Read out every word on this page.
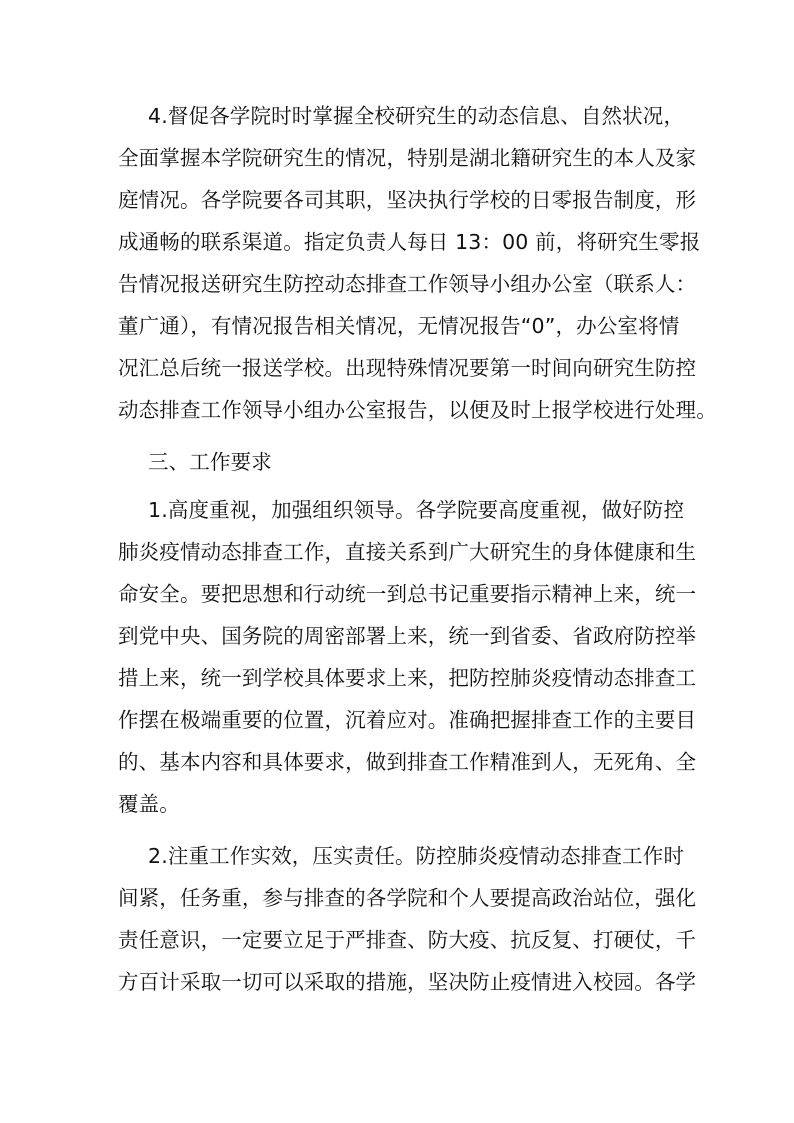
4.督促各学院时时掌握全校研究生的动态信息、自然状况，
全面掌握本学院研究生的情况，特别是湖北籍研究生的本人及家
庭情况。各学院要各司其职，坚决执行学校的日零报告制度，形
成通畅的联系渠道。指定负责人每日 13：00 前，将研究生零报
告情况报送研究生防控动态排查工作领导小组办公室（联系人：
董广通），有情况报告相关情况，无情况报告“0”，办公室将情
况汇总后统一报送学校。出现特殊情况要第一时间向研究生防控
动态排查工作领导小组办公室报告，以便及时上报学校进行处理。
三、工作要求
1.高度重视，加强组织领导。各学院要高度重视，做好防控
肺炎疫情动态排查工作，直接关系到广大研究生的身体健康和生
命安全。要把思想和行动统一到总书记重要指示精神上来，统一
到党中央、国务院的周密部署上来，统一到省委、省政府防控举
措上来，统一到学校具体要求上来，把防控肺炎疫情动态排查工
作摆在极端重要的位置，沉着应对。准确把握排查工作的主要目
的、基本内容和具体要求，做到排查工作精准到人，无死角、全
覆盖。
2.注重工作实效，压实责任。防控肺炎疫情动态排查工作时
间紧，任务重，参与排查的各学院和个人要提高政治站位，强化
责任意识，一定要立足于严排查、防大疫、抗反复、打硬仗，千
方百计采取一切可以采取的措施，坚决防止疫情进入校园。各学
